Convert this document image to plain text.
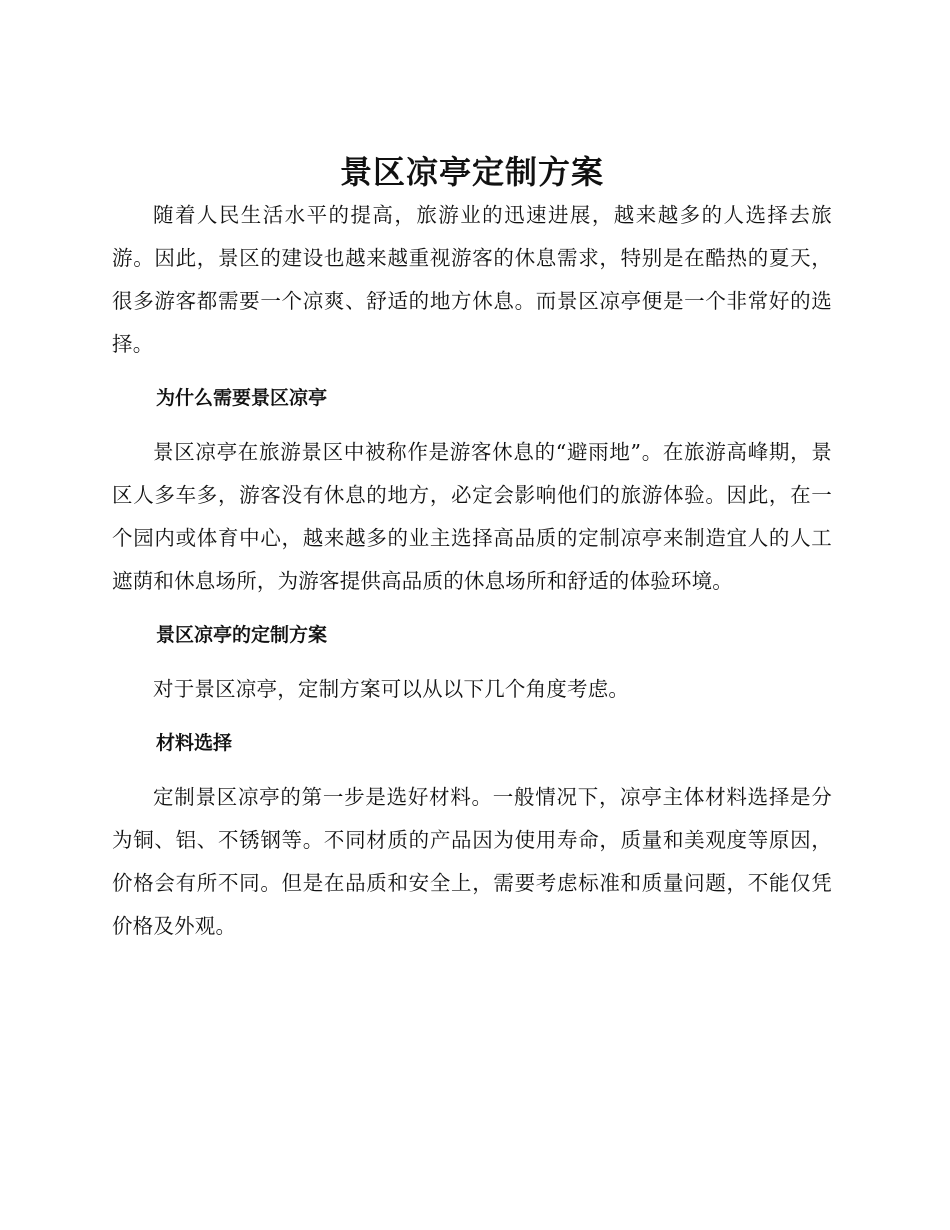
景区凉亭定制方案

随着人民生活水平的提高，旅游业的迅速进展，越来越多的人选择去旅游。因此，景区的建设也越来越重视游客的休息需求，特别是在酷热的夏天，很多游客都需要一个凉爽、舒适的地方休息。而景区凉亭便是一个非常好的选择。

为什么需要景区凉亭

景区凉亭在旅游景区中被称作是游客休息的“避雨地”。在旅游高峰期，景区人多车多，游客没有休息的地方，必定会影响他们的旅游体验。因此，在一个园内或体育中心，越来越多的业主选择高品质的定制凉亭来制造宜人的人工遮荫和休息场所，为游客提供高品质的休息场所和舒适的体验环境。

景区凉亭的定制方案

对于景区凉亭，定制方案可以从以下几个角度考虑。

材料选择

定制景区凉亭的第一步是选好材料。一般情况下，凉亭主体材料选择是分为铜、铝、不锈钢等。不同材质的产品因为使用寿命，质量和美观度等原因，价格会有所不同。但是在品质和安全上，需要考虑标准和质量问题，不能仅凭价格及外观。
